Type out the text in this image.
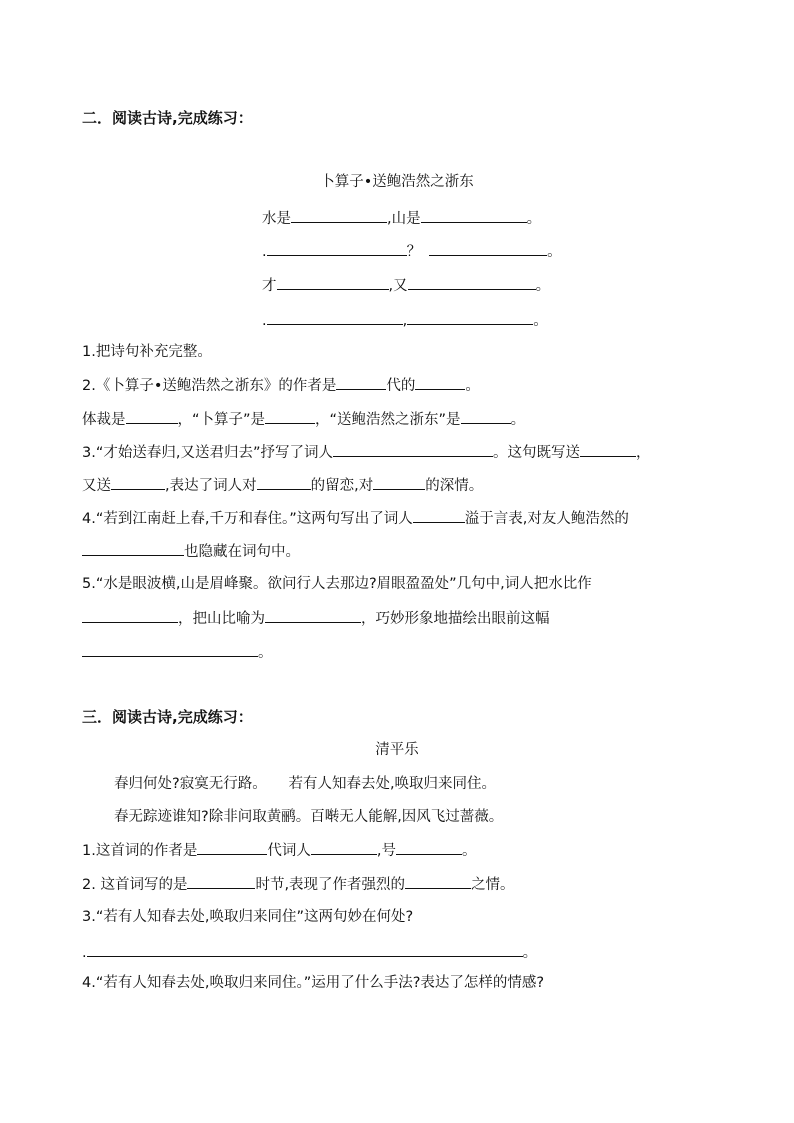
二．阅读古诗,完成练习：
卜算子•送鲍浩然之浙东
水是	,山是	。
.	？	。
才	,又	。
.	,	。
1.把诗句补充完整。
2.《卜算子•送鲍浩然之浙东》的作者是	代的	。
体裁是	，“卜算子”是	，“送鲍浩然之浙东”是	。
3.“才始送春归,又送君归去”抒写了词人	。这句既写送	，
又送	,表达了词人对	的留恋,对	的深情。
4.“若到江南赶上春,千万和春住。”这两句写出了词人	溢于言表,对友人鲍浩然的
也隐藏在词句中。
5.“水是眼波横,山是眉峰聚。欲问行人去那边?眉眼盈盈处”几句中,词人把水比作
，把山比喻为	，巧妙形象地描绘出眼前这幅
。
三．阅读古诗,完成练习：
清平乐
春归何处?寂寞无行路。　　若有人知春去处,唤取归来同住。
春无踪迹谁知?除非问取黄鹂。百啭无人能解,因风飞过蔷薇。
1.这首词的作者是	代词人	,号	。
2. 这首词写的是	时节,表现了作者强烈的	之情。
3.“若有人知春去处,唤取归来同住”这两句妙在何处?
.	。
4.“若有人知春去处,唤取归来同住。”运用了什么手法?表达了怎样的情感?
